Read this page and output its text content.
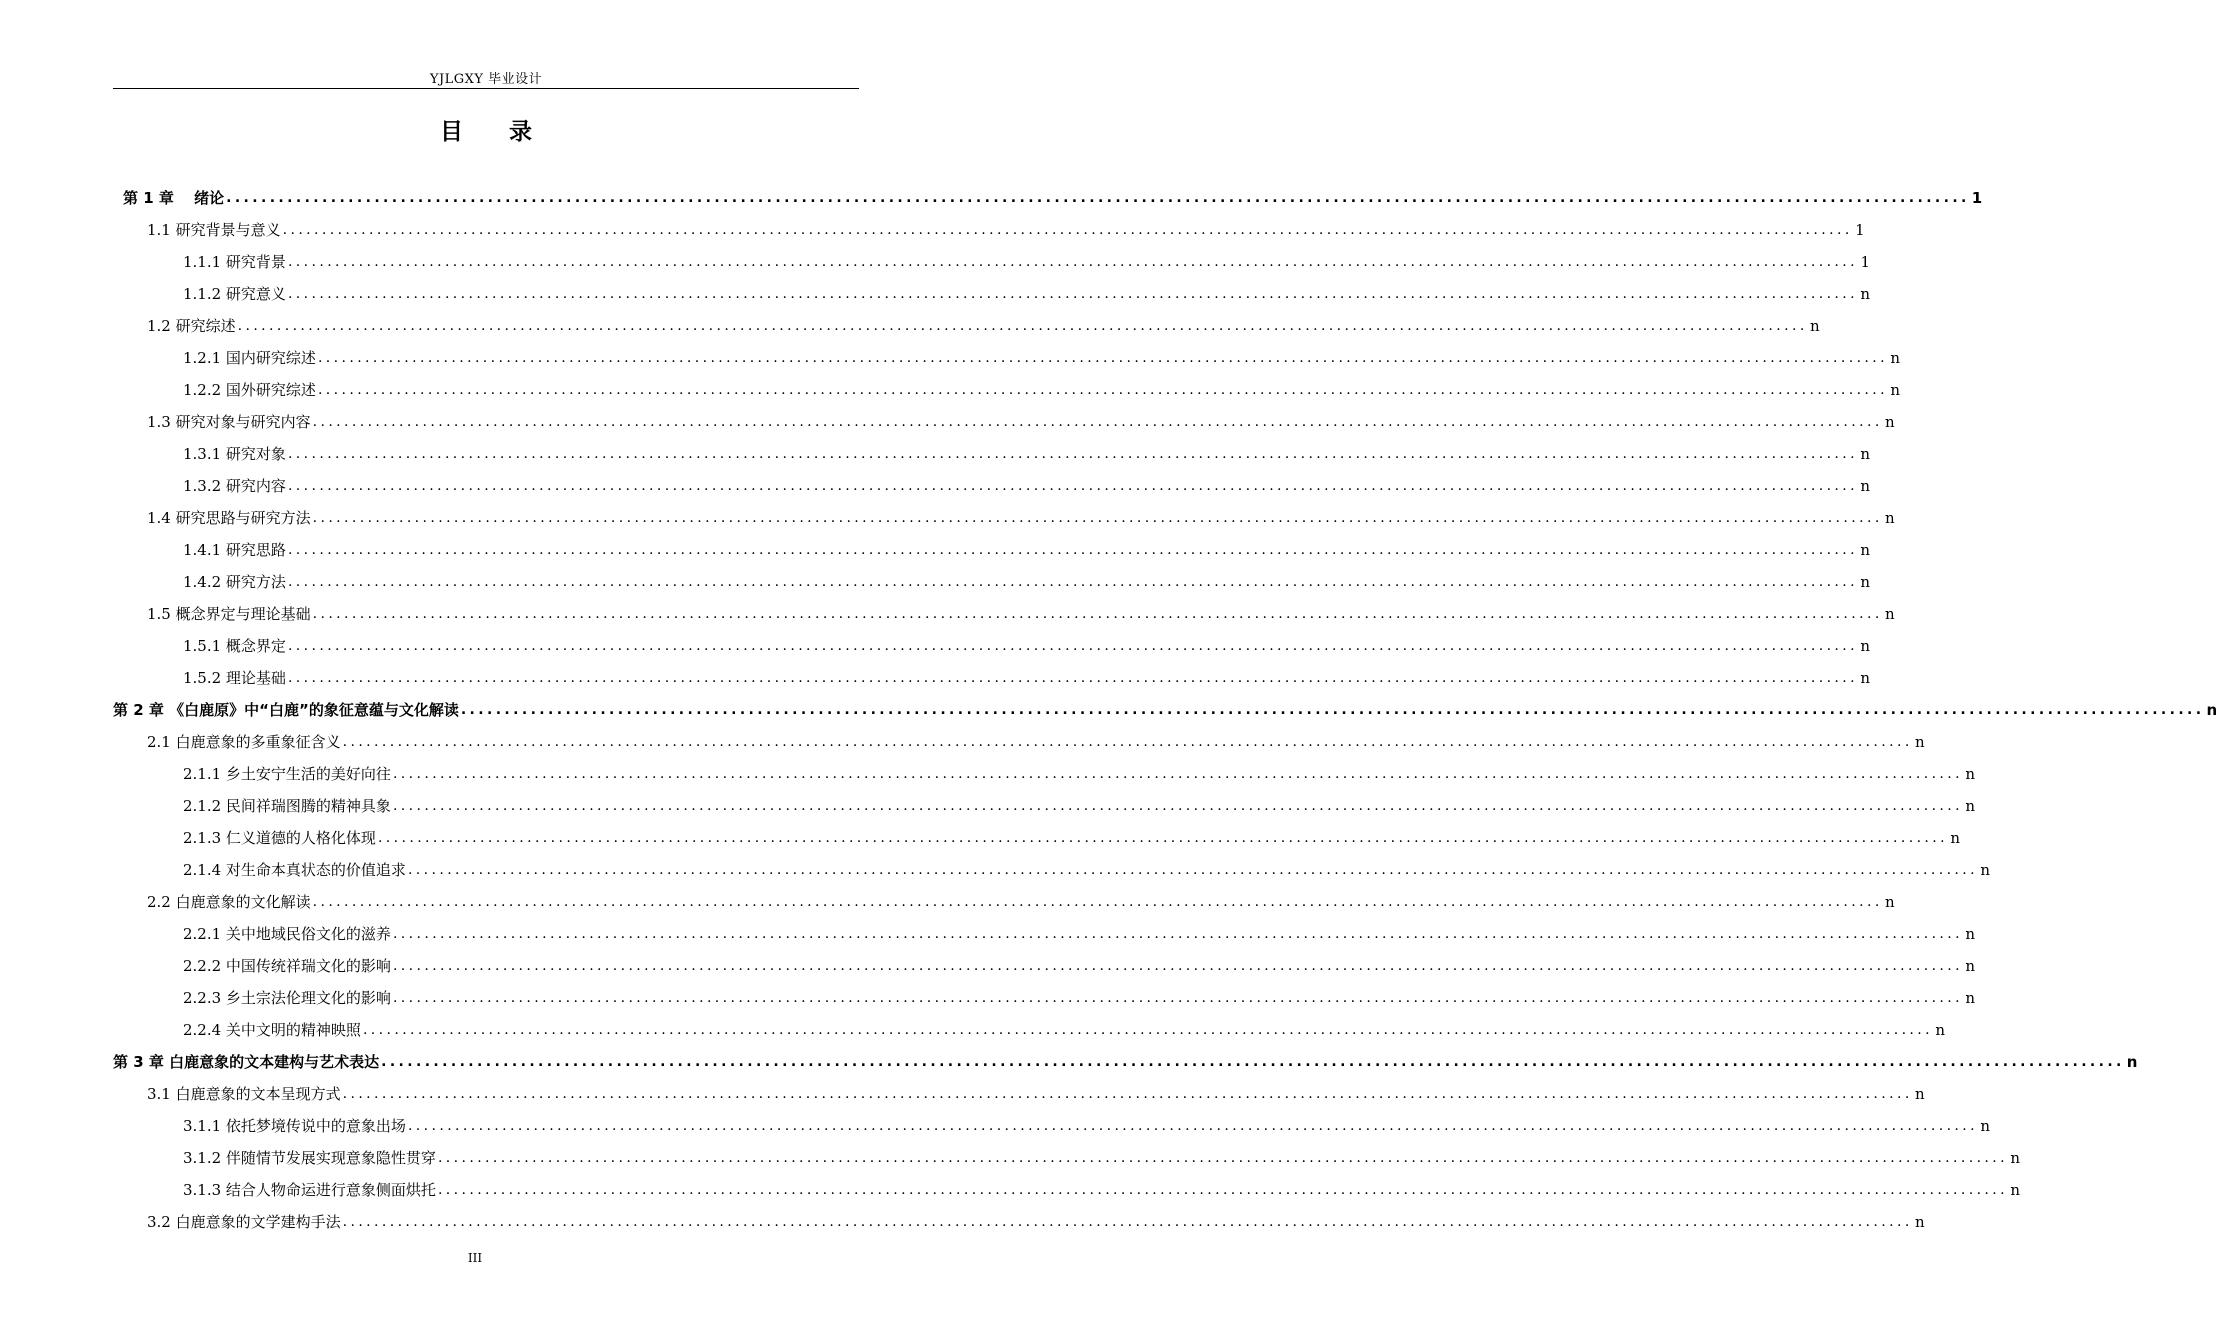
YJLGXY 毕业设计
目　　录
第 1 章　 绪论 ........................................................................................................................................................................................................ 1
1.1 研究背景与意义 ........................................................................................................................................................................................................ 1
1.1.1 研究背景 ........................................................................................................................................................................................................ 1
1.1.2 研究意义 ........................................................................................................................................................................................................ n
1.2 研究综述 ........................................................................................................................................................................................................ n
1.2.1 国内研究综述 ........................................................................................................................................................................................................ n
1.2.2 国外研究综述 ........................................................................................................................................................................................................ n
1.3 研究对象与研究内容 ........................................................................................................................................................................................................ n
1.3.1 研究对象 ........................................................................................................................................................................................................ n
1.3.2 研究内容 ........................................................................................................................................................................................................ n
1.4 研究思路与研究方法 ........................................................................................................................................................................................................ n
1.4.1 研究思路 ........................................................................................................................................................................................................ n
1.4.2 研究方法 ........................................................................................................................................................................................................ n
1.5 概念界定与理论基础 ........................................................................................................................................................................................................ n
1.5.1 概念界定 ........................................................................................................................................................................................................ n
1.5.2 理论基础 ........................................................................................................................................................................................................ n
第 2 章 《白鹿原》中“白鹿”的象征意蕴与文化解读 ........................................................................................................................................................................................................ n
2.1 白鹿意象的多重象征含义 ........................................................................................................................................................................................................ n
2.1.1 乡土安宁生活的美好向往 ........................................................................................................................................................................................................ n
2.1.2 民间祥瑞图腾的精神具象 ........................................................................................................................................................................................................ n
2.1.3 仁义道德的人格化体现 ........................................................................................................................................................................................................ n
2.1.4 对生命本真状态的价值追求 ........................................................................................................................................................................................................ n
2.2 白鹿意象的文化解读 ........................................................................................................................................................................................................ n
2.2.1 关中地域民俗文化的滋养 ........................................................................................................................................................................................................ n
2.2.2 中国传统祥瑞文化的影响 ........................................................................................................................................................................................................ n
2.2.3 乡土宗法伦理文化的影响 ........................................................................................................................................................................................................ n
2.2.4 关中文明的精神映照 ........................................................................................................................................................................................................ n
第 3 章 白鹿意象的文本建构与艺术表达 ........................................................................................................................................................................................................ n
3.1 白鹿意象的文本呈现方式 ........................................................................................................................................................................................................ n
3.1.1 依托梦境传说中的意象出场 ........................................................................................................................................................................................................ n
3.1.2 伴随情节发展实现意象隐性贯穿 ........................................................................................................................................................................................................ n
3.1.3 结合人物命运进行意象侧面烘托 ........................................................................................................................................................................................................ n
3.2 白鹿意象的文学建构手法 ........................................................................................................................................................................................................ n
III
